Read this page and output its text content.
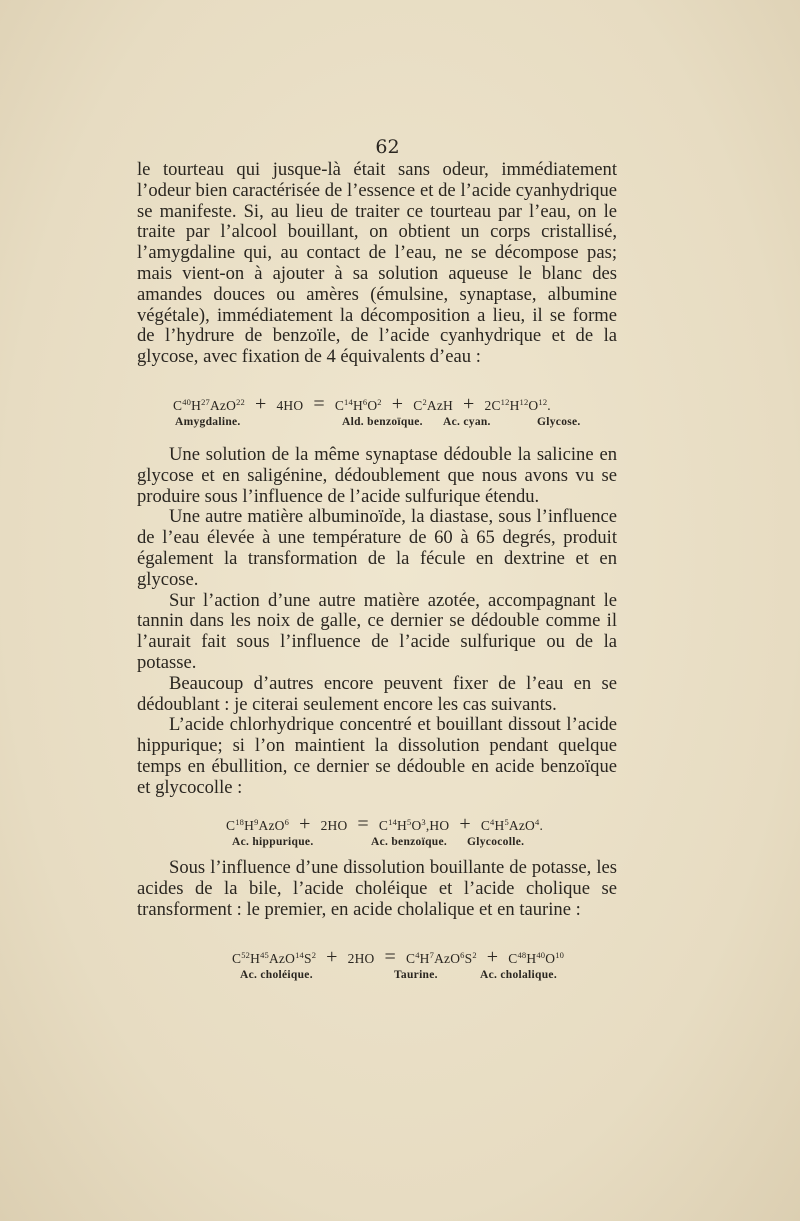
62

le tourteau qui jusque-là était sans odeur, immédiatement l’odeur bien caractérisée de l’essence et de l’acide cyanhydrique se manifeste. Si, au lieu de traiter ce tourteau par l’eau, on le traite par l’alcool bouillant, on obtient un corps cristallisé, l’amygdaline qui, au contact de l’eau, ne se décompose pas; mais vient-on à ajouter à sa solution aqueuse le blanc des amandes douces ou amères (émulsine, synaptase, albumine végétale), immédiatement la décomposition a lieu, il se forme de l’hydrure de benzoïle, de l’acide cyanhydrique et de la glycose, avec fixation de 4 équivalents d’eau :

$C^{40}H^{27}AzO^{22} + 4HO = C^{14}H^6O^2 + C^2AzH + 2C^{12}H^{12}O^{12}$.
Amygdaline.	Ald. benzoïque. Ac. cyan.	Glycose.

Une solution de la même synaptase dédouble la salicine en glycose et en saligénine, dédoublement que nous avons vu se produire sous l’influence de l’acide sulfurique étendu.

Une autre matière albuminoïde, la diastase, sous l’influence de l’eau élevée à une température de 60 à 65 degrés, produit également la transformation de la fécule en dextrine et en glycose.

Sur l’action d’une autre matière azotée, accompagnant le tannin dans les noix de galle, ce dernier se dédouble comme il l’aurait fait sous l’influence de l’acide sulfurique ou de la potasse.

Beaucoup d’autres encore peuvent fixer de l’eau en se dédoublant : je citerai seulement encore les cas suivants.

L’acide chlorhydrique concentré et bouillant dissout l’acide hippurique; si l’on maintient la dissolution pendant quelque temps en ébullition, ce dernier se dédouble en acide benzoïque et glycocolle :

$C^{18}H^9AzO^6 + 2HO = C^{14}H^5O^3,HO + C^4H^5AzO^4$.
Ac. hippurique.	Ac. benzoïque. Glycocolle.

Sous l’influence d’une dissolution bouillante de potasse, les acides de la bile, l’acide choléique et l’acide cholique se transforment : le premier, en acide cholalique et en taurine :

$C^{52}H^{45}AzO^{14}S^2 + 2HO = C^4H^7AzO^6S^2 + C^{48}H^{40}O^{10}$
Ac. choléique.	Taurine.	Ac. cholalique.
